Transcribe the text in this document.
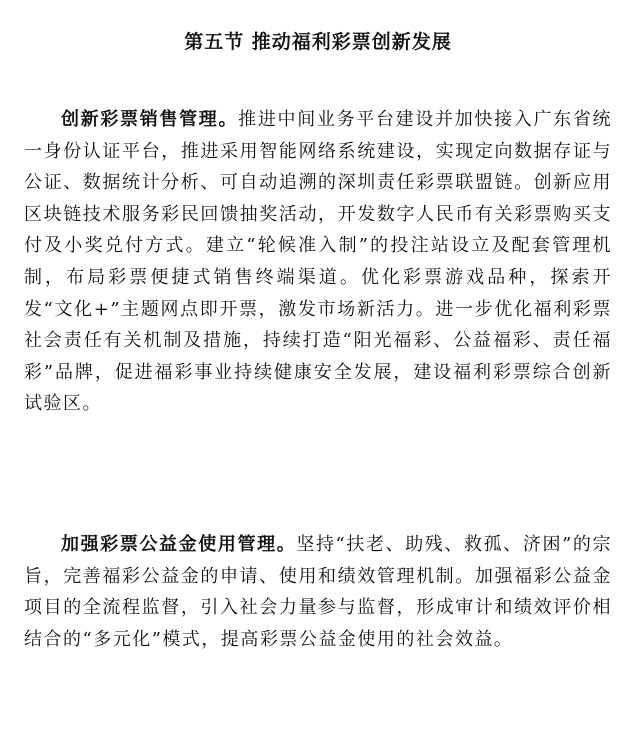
第五节 推动福利彩票创新发展

创新彩票销售管理。推进中间业务平台建设并加快接入广东省统一身份认证平台，推进采用智能网络系统建设，实现定向数据存证与公证、数据统计分析、可自动追溯的深圳责任彩票联盟链。创新应用区块链技术服务彩民回馈抽奖活动，开发数字人民币有关彩票购买支付及小奖兑付方式。建立“轮候准入制”的投注站设立及配套管理机制，布局彩票便捷式销售终端渠道。优化彩票游戏品种，探索开发“文化+”主题网点即开票，激发市场新活力。进一步优化福利彩票社会责任有关机制及措施，持续打造“阳光福彩、公益福彩、责任福彩”品牌，促进福彩事业持续健康安全发展，建设福利彩票综合创新试验区。

加强彩票公益金使用管理。坚持“扶老、助残、救孤、济困”的宗旨，完善福彩公益金的申请、使用和绩效管理机制。加强福彩公益金项目的全流程监督，引入社会力量参与监督，形成审计和绩效评价相结合的“多元化”模式，提高彩票公益金使用的社会效益。
